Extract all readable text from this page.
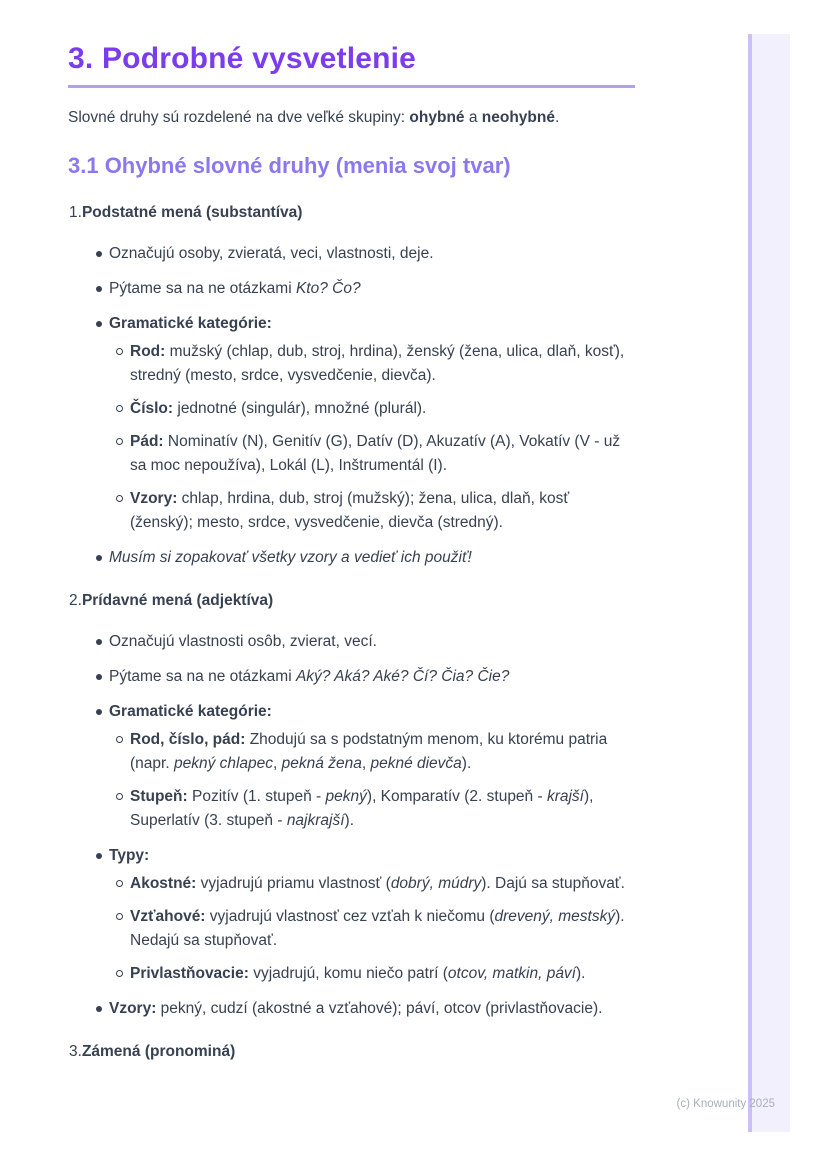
3. Podrobné vysvetlenie

Slovné druhy sú rozdelené na dve veľké skupiny: ohybné a neohybné.

3.1 Ohybné slovné druhy (menia svoj tvar)
1.Podstatné mená (substantíva)
Označujú osoby, zvieratá, veci, vlastnosti, deje.
Pýtame sa na ne otázkami Kto? Čo?
Gramatické kategórie:
Rod: mužský (chlap, dub, stroj, hrdina), ženský (žena, ulica, dlaň, kosť), stredný (mesto, srdce, vysvedčenie, dievča).
Číslo: jednotné (singulár), množné (plurál).
Pád: Nominatív (N), Genitív (G), Datív (D), Akuzatív (A), Vokatív (V - už sa moc nepoužíva), Lokál (L), Inštrumentál (I).
Vzory: chlap, hrdina, dub, stroj (mužský); žena, ulica, dlaň, kosť (ženský); mesto, srdce, vysvedčenie, dievča (stredný).
Musím si zopakovať všetky vzory a vedieť ich použiť!
2.Prídavné mená (adjektíva)
Označujú vlastnosti osôb, zvierat, vecí.
Pýtame sa na ne otázkami Aký? Aká? Aké? Čí? Čia? Čie?
Gramatické kategórie:
Rod, číslo, pád: Zhodujú sa s podstatným menom, ku ktorému patria (napr. pekný chlapec, pekná žena, pekné dievča).
Stupeň: Pozitív (1. stupeň - pekný), Komparatív (2. stupeň - krajší), Superlatív (3. stupeň - najkrajší).
Typy:
Akostné: vyjadrujú priamu vlastnosť (dobrý, múdry). Dajú sa stupňovať.
Vzťahové: vyjadrujú vlastnosť cez vzťah k niečomu (drevený, mestský). Nedajú sa stupňovať.
Privlastňovacie: vyjadrujú, komu niečo patrí (otcov, matkin, páví).
Vzory: pekný, cudzí (akostné a vzťahové); páví, otcov (privlastňovacie).
3.Zámená (pronominá)
(c) Knowunity 2025
